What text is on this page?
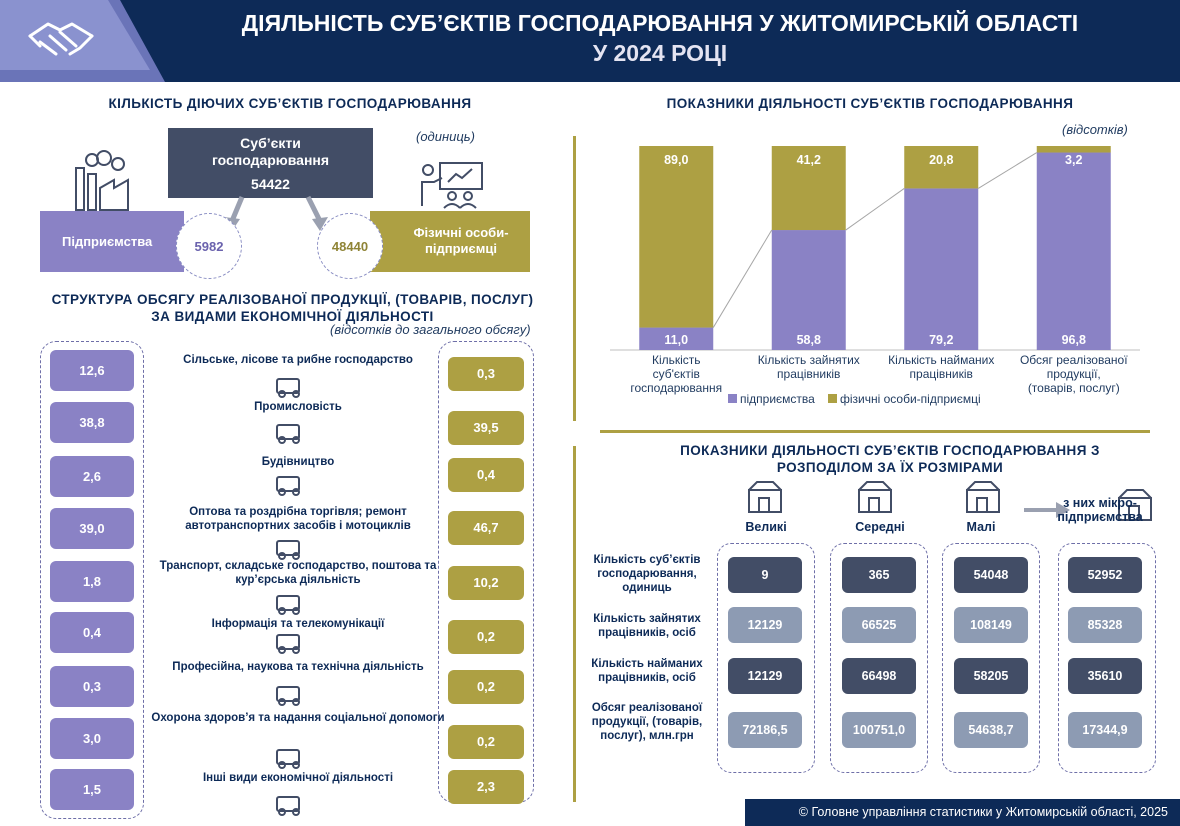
ДІЯЛЬНІСТЬ СУБ’ЄКТІВ ГОСПОДАРЮВАННЯ У ЖИТОМИРСЬКІЙ ОБЛАСТІ
У 2024 РОЦІ
КІЛЬКІСТЬ ДІЮЧИХ СУБ’ЄКТІВ ГОСПОДАРЮВАННЯ
(одиниць)
Суб’єкти господарювання
54422
Підприємства	5982
Фізичні особи-підприємці
48440
СТРУКТУРА ОБСЯГУ РЕАЛІЗОВАНОЇ ПРОДУКЦІЇ, (ТОВАРІВ, ПОСЛУГ)
ЗА ВИДАМИ ЕКОНОМІЧНОЇ ДІЯЛЬНОСТІ
(відсотків до загального обсягу)
12,6	0,3
Сільське, лісове та рибне господарство
38,8	39,5
Промисловість
2,6	0,4
Будівництво
39,0	46,7
Оптова та роздрібна торгівля; ремонт автотранспортних засобів і мотоциклів
1,8	10,2
Транспорт, складське господарство, поштова та кур’єрська діяльність
0,4	0,2
Інформація та телекомунікації
0,3	0,2
Професійна, наукова та технічна діяльність
3,0	0,2
Охорона здоров’я та надання соціальної допомоги
1,5	2,3
Інші види економічної діяльності
ПОКАЗНИКИ ДІЯЛЬНОСТІ СУБ’ЄКТІВ ГОСПОДАРЮВАННЯ
(відсотків)
11,0
89,0
Кількість
суб'єктів
господарювання
58,8
41,2
Кількість зайнятих
працівників
79,2
20,8
Кількість найманих
працівників
96,8
3,2
Обсяг реалізованої
продукції,
(товарів, послуг)
підприємства фізичні особи-підприємці
ПОКАЗНИКИ ДІЯЛЬНОСТІ СУБ’ЄКТІВ ГОСПОДАРЮВАННЯ З
РОЗПОДІЛОМ ЗА ЇХ РОЗМІРАМИ
Великі	Середні	Малі
з них мікро-підприємства
Кількість суб’єктів господарювання, одиниць
9	365	54048	52952
Кількість зайнятих працівників, осіб
12129	66525	108149	85328
Кількість найманих працівників, осіб	12129	66498	58205	35610
Обсяг реалізованої продукції, (товарів, послуг), млн.грн	72186,5	100751,0	54638,7	17344,9
© Головне управління статистики у Житомирській області, 2025
